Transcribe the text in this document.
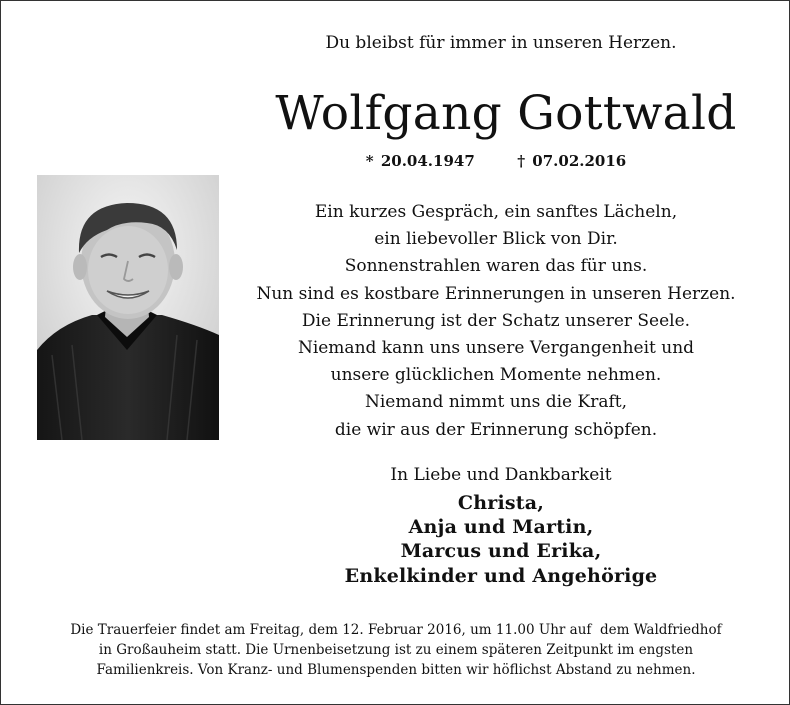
Du bleibst für immer in unseren Herzen.
Wolfgang Gottwald
* 20.04.1947	† 07.02.2016
Ein kurzes Gespräch, ein sanftes Lächeln,
ein liebevoller Blick von Dir.
Sonnenstrahlen waren das für uns.
Nun sind es kostbare Erinnerungen in unseren Herzen.
Die Erinnerung ist der Schatz unserer Seele.
Niemand kann uns unsere Vergangenheit und
unsere glücklichen Momente nehmen.
Niemand nimmt uns die Kraft,
die wir aus der Erinnerung schöpfen.
In Liebe und Dankbarkeit
Christa,
Anja und Martin,
Marcus und Erika,
Enkelkinder und Angehörige
Die Trauerfeier findet am Freitag, dem 12. Februar 2016, um 11.00 Uhr auf  dem Waldfriedhof
in Großauheim statt. Die Urnenbeisetzung ist zu einem späteren Zeitpunkt im engsten
Familienkreis. Von Kranz- und Blumenspenden bitten wir höflichst Abstand zu nehmen.
